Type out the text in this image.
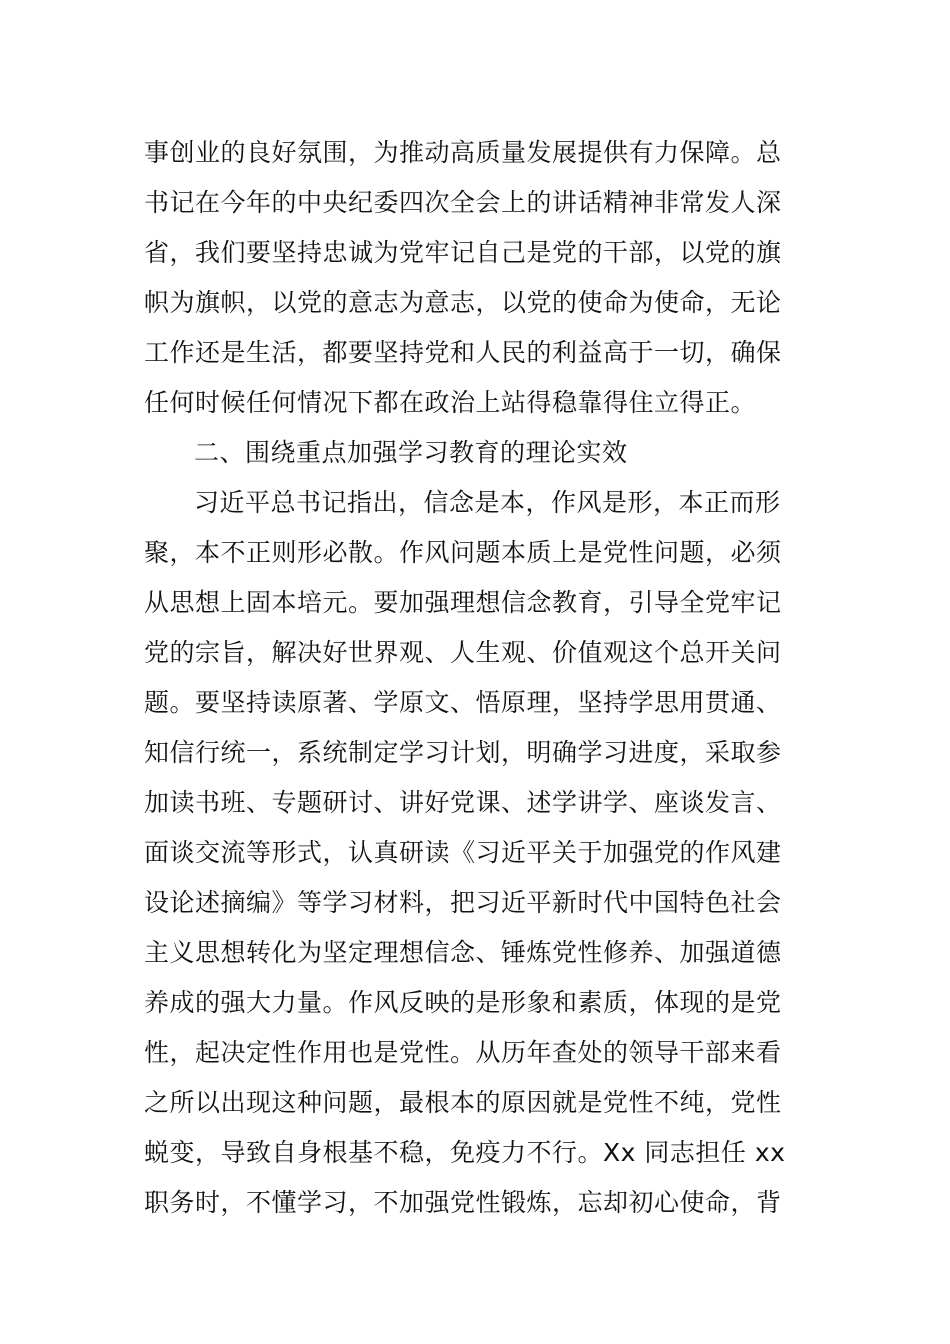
事创业的良好氛围，为推动高质量发展提供有力保障。总
书记在今年的中央纪委四次全会上的讲话精神非常发人深
省，我们要坚持忠诚为党牢记自己是党的干部，以党的旗
帜为旗帜，以党的意志为意志，以党的使命为使命，无论
工作还是生活，都要坚持党和人民的利益高于一切，确保
任何时候任何情况下都在政治上站得稳靠得住立得正。
二、围绕重点加强学习教育的理论实效
习近平总书记指出，信念是本，作风是形，本正而形
聚，本不正则形必散。作风问题本质上是党性问题，必须
从思想上固本培元。要加强理想信念教育，引导全党牢记
党的宗旨，解决好世界观、人生观、价值观这个总开关问
题。要坚持读原著、学原文、悟原理，坚持学思用贯通、
知信行统一，系统制定学习计划，明确学习进度，采取参
加读书班、专题研讨、讲好党课、述学讲学、座谈发言、
面谈交流等形式，认真研读《习近平关于加强党的作风建
设论述摘编》等学习材料，把习近平新时代中国特色社会
主义思想转化为坚定理想信念、锤炼党性修养、加强道德
养成的强大力量。作风反映的是形象和素质，体现的是党
性，起决定性作用也是党性。从历年查处的领导干部来看
之所以出现这种问题，最根本的原因就是党性不纯，党性
蜕变，导致自身根基不稳，免疫力不行。Xx 同志担任 xx
职务时，不懂学习，不加强党性锻炼，忘却初心使命，背
